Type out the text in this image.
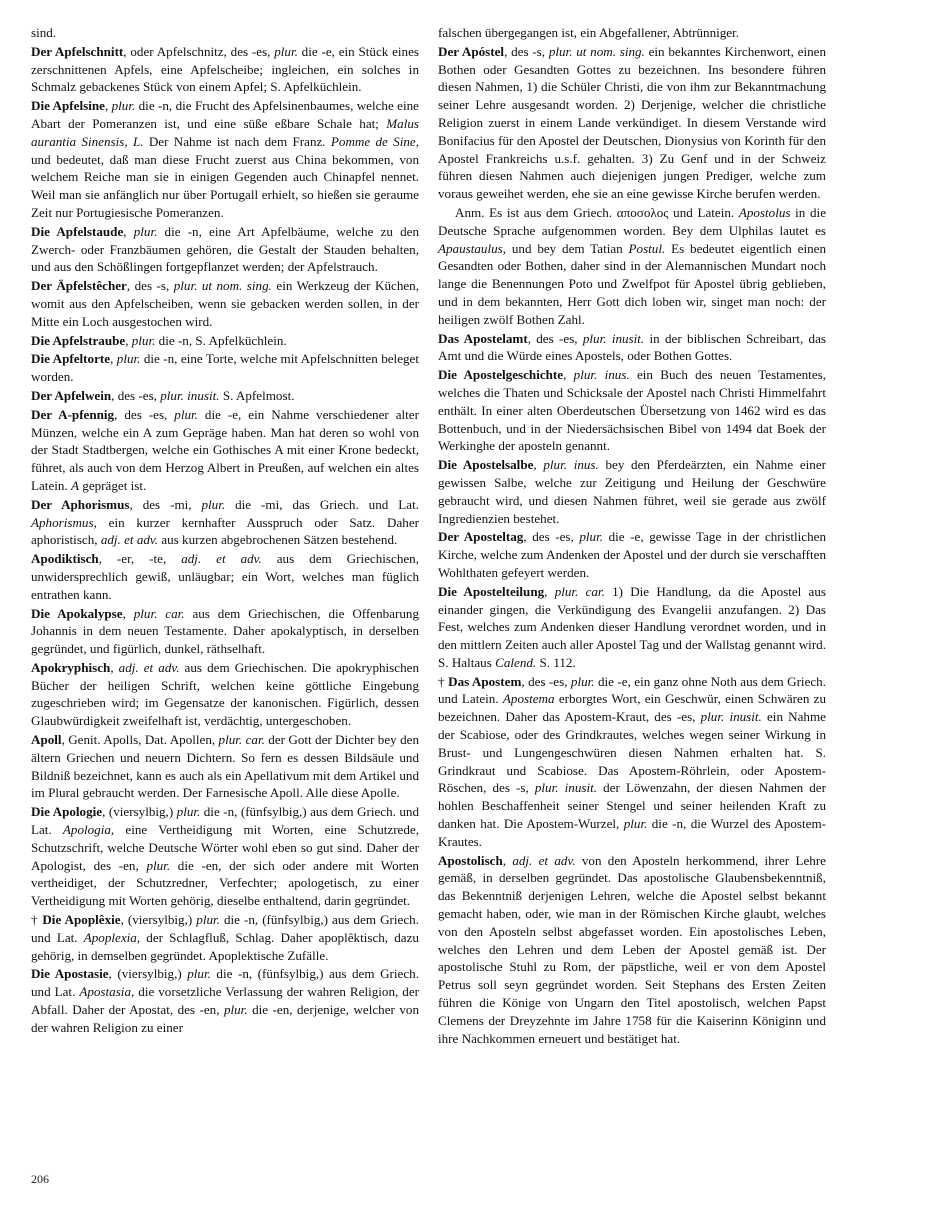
sind.
Der Apfelschnitt, oder Apfelschnitz, des -es, plur. die -e, ein Stück eines zerschnittenen Apfels, eine Apfelscheibe; ingleichen, ein solches in Schmalz gebackenes Stück von einem Apfel; S. Apfelküchlein.
Die Apfelsine, plur. die -n, die Frucht des Apfelsinenbaumes, welche eine Abart der Pomeranzen ist, und eine süße eßbare Schale hat; Malus aurantia Sinensis, L. Der Nahme ist nach dem Franz. Pomme de Sine, und bedeutet, daß man diese Frucht zuerst aus China bekommen, von welchem Reiche man sie in einigen Gegenden auch Chinapfel nennet. Weil man sie anfänglich nur über Portugall erhielt, so hießen sie geraume Zeit nur Portugiesische Pomeranzen.
Die Apfelstaude, plur. die -n, eine Art Apfelbäume, welche zu den Zwerch- oder Franzbäumen gehören, die Gestalt der Stauden behalten, und aus den Schößlingen fortgepflanzet werden; der Apfelstrauch.
Der Äpfelstêcher, des -s, plur. ut nom. sing. ein Werkzeug der Küchen, womit aus den Apfelscheiben, wenn sie gebacken werden sollen, in der Mitte ein Loch ausgestochen wird.
Die Apfelstraube, plur. die -n, S. Apfelküchlein.
Die Apfeltorte, plur. die -n, eine Torte, welche mit Apfelschnitten beleget worden.
Der Apfelwein, des -es, plur. inusit. S. Apfelmost.
Der A-pfennig, des -es, plur. die -e, ein Nahme verschiedener alter Münzen, welche ein A zum Gepräge haben. Man hat deren so wohl von der Stadt Stadtbergen, welche ein Gothisches A mit einer Krone bedeckt, führet, als auch von dem Herzog Albert in Preußen, auf welchen ein altes Latein. A gepräget ist.
Der Aphorismus, des -mi, plur. die -mi, das Griech. und Lat. Aphorismus, ein kurzer kernhafter Ausspruch oder Satz. Daher aphoristisch, adj. et adv. aus kurzen abgebrochenen Sätzen bestehend.
Apodiktisch, -er, -te, adj. et adv. aus dem Griechischen, unwidersprechlich gewiß, unläugbar; ein Wort, welches man füglich entrathen kann.
Die Apokalypse, plur. car. aus dem Griechischen, die Offenbarung Johannis in dem neuen Testamente. Daher apokalyptisch, in derselben gegründet, und figürlich, dunkel, räthselhaft.
Apokryphisch, adj. et adv. aus dem Griechischen. Die apokryphischen Bücher der heiligen Schrift, welchen keine göttliche Eingebung zugeschrieben wird; im Gegensatze der kanonischen. Figürlich, dessen Glaubwürdigkeit zweifelhaft ist, verdächtig, untergeschoben.
Apoll, Genit. Apolls, Dat. Apollen, plur. car. der Gott der Dichter bey den ältern Griechen und neuern Dichtern. So fern es dessen Bildsäule und Bildniß bezeichnet, kann es auch als ein Apellativum mit dem Artikel und im Plural gebraucht werden. Der Farnesische Apoll. Alle diese Apolle.
Die Apologie, (viersylbig,) plur. die -n, (fünfsylbig,) aus dem Griech. und Lat. Apologia, eine Vertheidigung mit Worten, eine Schutzrede, Schutzschrift, welche Deutsche Wörter wohl eben so gut sind. Daher der Apologist, des -en, plur. die -en, der sich oder andere mit Worten vertheidiget, der Schutzredner, Verfechter; apologetisch, zu einer Vertheidigung mit Worten gehörig, dieselbe enthaltend, darin gegründet.
† Die Apoplêxie, (viersylbig,) plur. die -n, (fünfsylbig,) aus dem Griech. und Lat. Apoplexia, der Schlagfluß, Schlag. Daher apoplêktisch, dazu gehörig, in demselben gegründet. Apoplektische Zufälle.
Die Apostasie, (viersylbig,) plur. die -n, (fünfsylbig,) aus dem Griech. und Lat. Apostasia, die vorsetzliche Verlassung der wahren Religion, der Abfall. Daher der Apostat, des -en, plur. die -en, derjenige, welcher von der wahren Religion zu einer
falschen übergegangen ist, ein Abgefallener, Abtrünniger.
Der Apóstel, des -s, plur. ut nom. sing. ein bekanntes Kirchenwort, einen Bothen oder Gesandten Gottes zu bezeichnen. Ins besondere führen diesen Nahmen, 1) die Schüler Christi, die von ihm zur Bekanntmachung seiner Lehre ausgesandt worden. 2) Derjenige, welcher die christliche Religion zuerst in einem Lande verkündiget. In diesem Verstande wird Bonifacius für den Apostel der Deutschen, Dionysius von Korinth für den Apostel Frankreichs u.s.f. gehalten. 3) Zu Genf und in der Schweiz führen diesen Nahmen auch diejenigen jungen Prediger, welche zum voraus geweihet werden, ehe sie an eine gewisse Kirche berufen werden.
Anm. Es ist aus dem Griech. αποσολος und Latein. Apostolus in die Deutsche Sprache aufgenommen worden. Bey dem Ulphilas lautet es Apaustaulus, und bey dem Tatian Postul. Es bedeutet eigentlich einen Gesandten oder Bothen, daher sind in der Alemannischen Mundart noch lange die Benennungen Poto und Zwelfpot für Apostel übrig geblieben, und in dem bekannten, Herr Gott dich loben wir, singet man noch: der heiligen zwölf Bothen Zahl.
Das Apostelamt, des -es, plur. inusit. in der biblischen Schreibart, das Amt und die Würde eines Apostels, oder Bothen Gottes.
Die Apostelgeschichte, plur. inus. ein Buch des neuen Testamentes, welches die Thaten und Schicksale der Apostel nach Christi Himmelfahrt enthält. In einer alten Oberdeutschen Übersetzung von 1462 wird es das Bottenbuch, und in der Niedersächsischen Bibel von 1494 dat Boek der Werkinghe der aposteln genannt.
Die Apostelsalbe, plur. inus. bey den Pferdeärzten, ein Nahme einer gewissen Salbe, welche zur Zeitigung und Heilung der Geschwüre gebraucht wird, und diesen Nahmen führet, weil sie gerade aus zwölf Ingredienzien bestehet.
Der Aposteltag, des -es, plur. die -e, gewisse Tage in der christlichen Kirche, welche zum Andenken der Apostel und der durch sie verschafften Wohlthaten gefeyert werden.
Die Apostelteilung, plur. car. 1) Die Handlung, da die Apostel aus einander gingen, die Verkündigung des Evangelii anzufangen. 2) Das Fest, welches zum Andenken dieser Handlung verordnet worden, und in den mittlern Zeiten auch aller Apostel Tag und der Wallstag genannt wird. S. Haltaus Calend. S. 112.
† Das Apostem, des -es, plur. die -e, ein ganz ohne Noth aus dem Griech. und Latein. Apostema erborgtes Wort, ein Geschwür, einen Schwären zu bezeichnen. Daher das Apostem-Kraut, des -es, plur. inusit. ein Nahme der Scabiose, oder des Grindkrautes, welches wegen seiner Wirkung in Brust- und Lungengeschwüren diesen Nahmen erhalten hat. S. Grindkraut und Scabiose. Das Apostem-Röhrlein, oder Apostem-Röschen, des -s, plur. inusit. der Löwenzahn, der diesen Nahmen der hohlen Beschaffenheit seiner Stengel und seiner heilenden Kraft zu danken hat. Die Apostem-Wurzel, plur. die -n, die Wurzel des Apostem-Krautes.
Apostolisch, adj. et adv. von den Aposteln herkommend, ihrer Lehre gemäß, in derselben gegründet. Das apostolische Glaubensbekenntniß, das Bekenntniß derjenigen Lehren, welche die Apostel selbst bekannt gemacht haben, oder, wie man in der Römischen Kirche glaubt, welches von den Aposteln selbst abgefasset worden. Ein apostolisches Leben, welches den Lehren und dem Leben der Apostel gemäß ist. Der apostolische Stuhl zu Rom, der päpstliche, weil er von dem Apostel Petrus soll seyn gegründet worden. Seit Stephans des Ersten Zeiten führen die Könige von Ungarn den Titel apostolisch, welchen Papst Clemens der Dreyzehnte im Jahre 1758 für die Kaiserinn Königinn und ihre Nachkommen erneuert und bestätiget hat.
206
